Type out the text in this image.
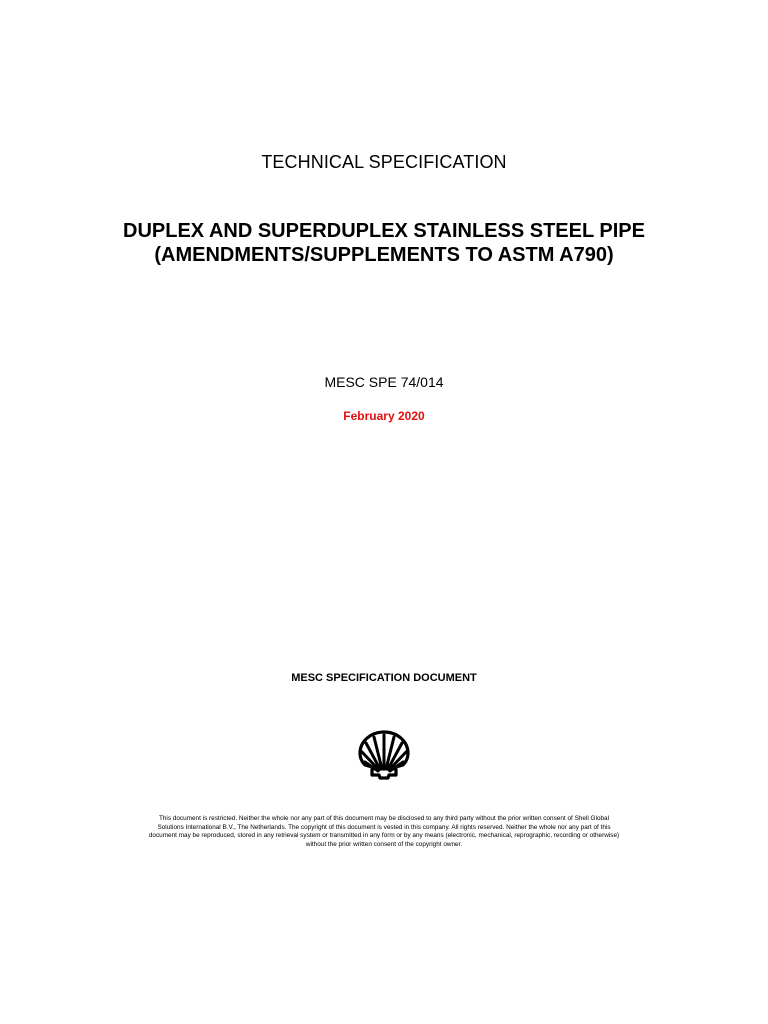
TECHNICAL SPECIFICATION
DUPLEX AND SUPERDUPLEX STAINLESS STEEL PIPE
(AMENDMENTS/SUPPLEMENTS TO ASTM A790)
MESC SPE 74/014
February 2020
MESC SPECIFICATION DOCUMENT
This document is restricted. Neither the whole nor any part of this document may be disclosed to any third party without the prior written consent of Shell Global
Solutions International B.V., The Netherlands. The copyright of this document is vested in this company. All rights reserved. Neither the whole nor any part of this
document may be reproduced, stored in any retrieval system or transmitted in any form or by any means (electronic, mechanical, reprographic, recording or otherwise)
without the prior written consent of the copyright owner.
